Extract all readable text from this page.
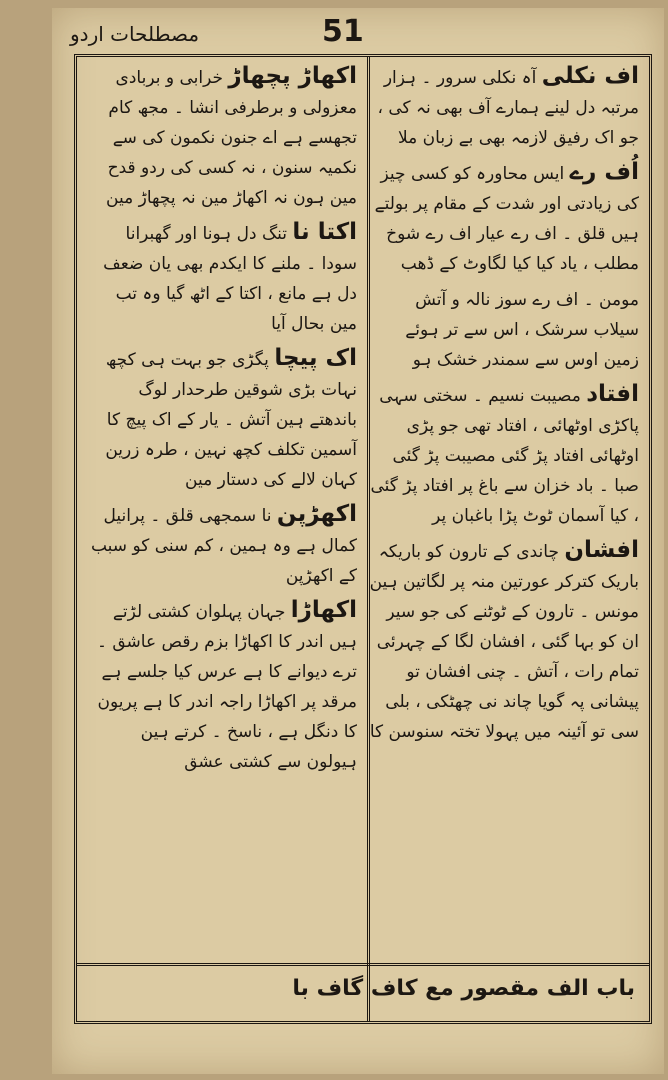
مصطلحات اردو	51
اف نکلی آہ نکلی سرور ۔ ہزار مرتبہ دل لینے ہمارے آف بھی نہ کی ، جو اک رفیق لازمہ بھی بے زبان ملا
اُف رے ایس محاورہ کو کسی چیز کی زیادتی اور شدت کے مقام پر بولتے ہیں قلق ۔ اف رے عیار اف رے شوخ مطلب ، یاد کیا کیا لگاوٹ کے ڈھب
مومن ۔ اف رے سوز نالہ و آتش سیلاب سرشک ، اس سے تر ہوئے زمین اوس سے سمندر خشک ہو
افتاد مصیبت نسیم ۔ سختی سہی پاکڑی اوٹھائی ، افتاد تھی جو پڑی اوٹھائی افتاد پڑ گئی مصیبت پڑ گئی صبا ۔ باد خزان سے باغ پر افتاد پڑ گئی ، کیا آسمان ٹوٹ پڑا باغبان پر
افشان چاندی کے تارون کو باریکہ باریک کترکر عورتین منہ پر لگاتین ہین مونس ۔ تارون کے ٹوٹنے کی جو سیر ان کو بہا گئی ، افشان لگا کے چہرئی تمام رات ، آتش ۔ چنی افشان تو پیشانی پہ گویا چاند نی چھٹکی ، بلی سی تو آئینہ میں پہولا تختہ سنوسن کا
اکھاڑ پچھاڑ خرابی و بربادی معزولی و برطرفی انشا ۔ مجھ کام تجھسے ہے اے جنون نکمون کی سے نکمیہ سنون ، نہ کسی کی ردو قدح مین ہون نہ اکھاڑ مین نہ پچھاڑ مین
اکتا نا تنگ دل ہونا اور گھبرانا سودا ۔ ملنے کا ایکدم بھی یان ضعف دل ہے مانع ، اکتا کے اٹھ گیا وہ تب مین بحال آیا
اک پیچا پگڑی جو بہت ہی کچھ نہات بڑی شوقین طرحدار لوگ باندھتے ہین آتش ۔ یار کے اک پیچ کا آسمین تکلف کچھ نہین ، طرہ زرین کہان لالے کی دستار مین
اکھڑپن نا سمجھی قلق ۔ پرانیل کمال ہے وہ ہمین ، کم سنی کو سبب کے اکھڑپن
اکھاڑا جہان پہلوان کشتی لڑتے ہیں اندر کا اکھاڑا بزم رقص عاشق ۔ ترے دیوانے کا ہے عرس کیا جلسے ہے مرقد پر اکھاڑا راجہ اندر کا ہے پریون کا دنگل ہے ، ناسخ ۔ کرتے ہین ہیولون سے کشتی عشق
باب الف مقصور مع کاف گاف با
